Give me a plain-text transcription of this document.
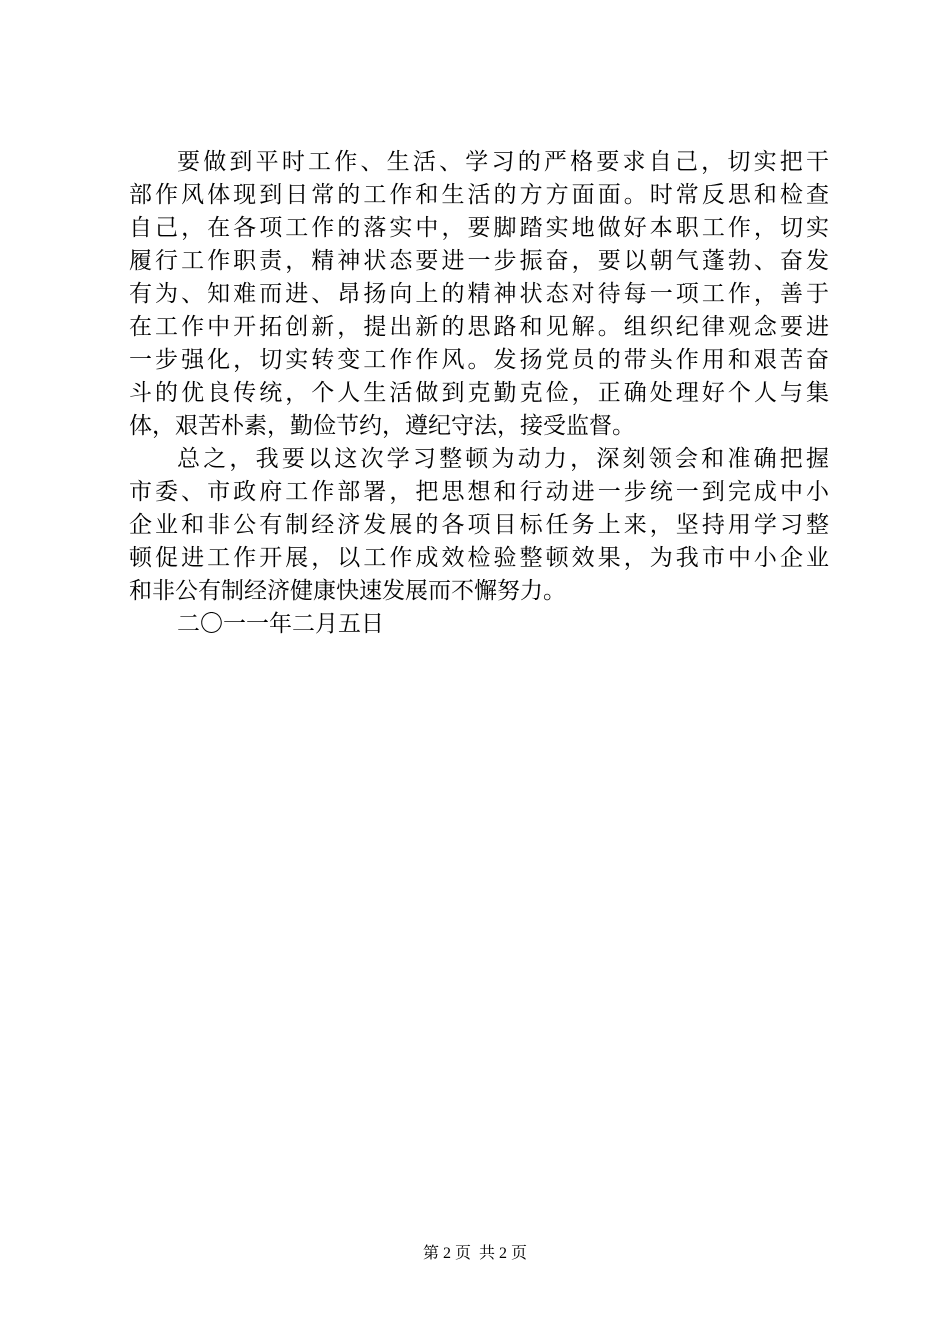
要做到平时工作、生活、学习的严格要求自己，切实把干
部作风体现到日常的工作和生活的方方面面。时常反思和检查
自己，在各项工作的落实中，要脚踏实地做好本职工作，切实
履行工作职责，精神状态要进一步振奋，要以朝气蓬勃、奋发
有为、知难而进、昂扬向上的精神状态对待每一项工作，善于
在工作中开拓创新，提出新的思路和见解。组织纪律观念要进
一步强化，切实转变工作作风。发扬党员的带头作用和艰苦奋
斗的优良传统，个人生活做到克勤克俭，正确处理好个人与集
体，艰苦朴素，勤俭节约，遵纪守法，接受监督。
总之，我要以这次学习整顿为动力，深刻领会和准确把握
市委、市政府工作部署，把思想和行动进一步统一到完成中小
企业和非公有制经济发展的各项目标任务上来，坚持用学习整
顿促进工作开展，以工作成效检验整顿效果，为我市中小企业
和非公有制经济健康快速发展而不懈努力。
二〇一一年二月五日
第 2 页  共 2 页
